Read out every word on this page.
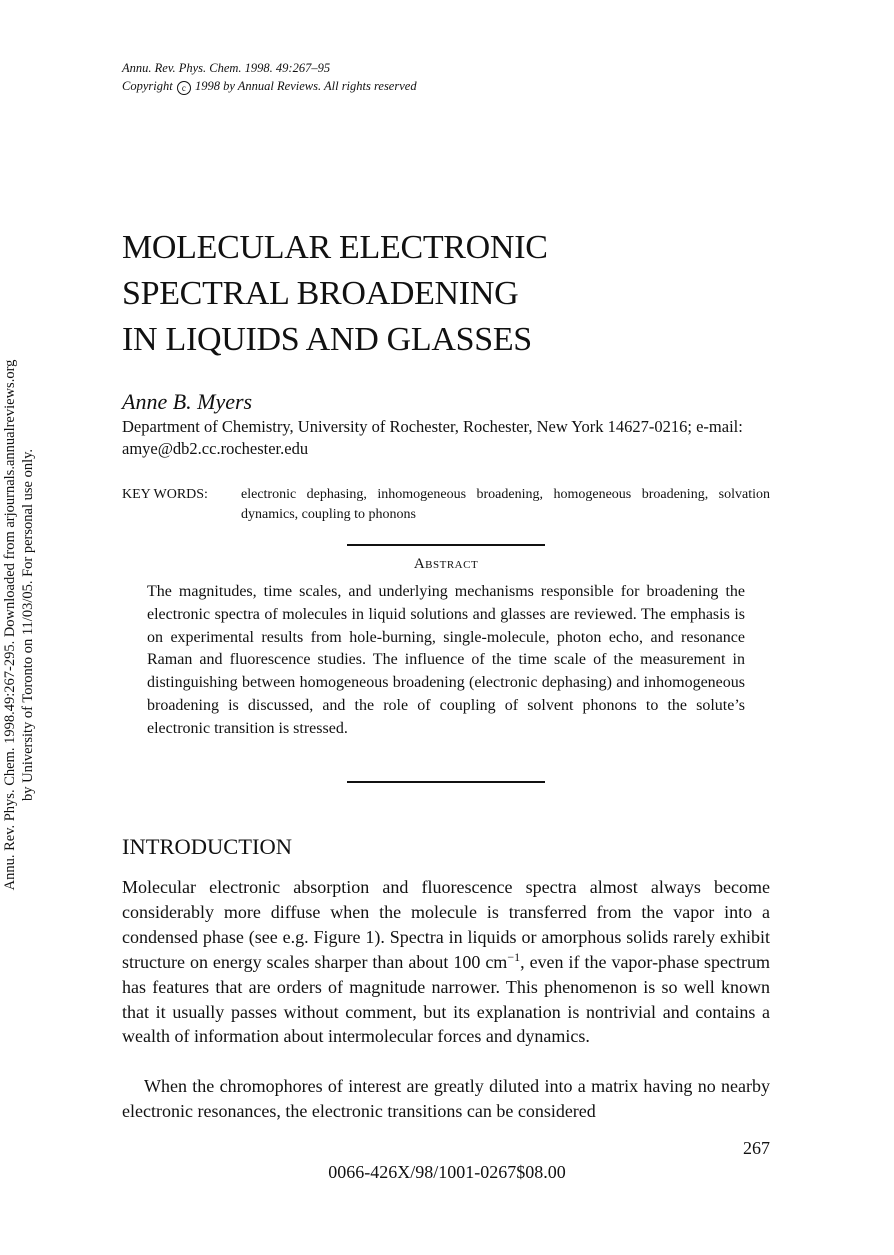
Annu. Rev. Phys. Chem. 1998. 49:267–95
Copyright c 1998 by Annual Reviews. All rights reserved
MOLECULAR ELECTRONIC
SPECTRAL BROADENING
IN LIQUIDS AND GLASSES
Anne B. Myers
Department of Chemistry, University of Rochester, Rochester, New York 14627-0216; e-mail: amye@db2.cc.rochester.edu
KEY WORDS: electronic dephasing, inhomogeneous broadening, homogeneous broadening, solvation dynamics, coupling to phonons
Abstract
The magnitudes, time scales, and underlying mechanisms responsible for broadening the electronic spectra of molecules in liquid solutions and glasses are reviewed. The emphasis is on experimental results from hole-burning, single-molecule, photon echo, and resonance Raman and fluorescence studies. The influence of the time scale of the measurement in distinguishing between homogeneous broadening (electronic dephasing) and inhomogeneous broadening is discussed, and the role of coupling of solvent phonons to the solute’s electronic transition is stressed.
INTRODUCTION
Molecular electronic absorption and fluorescence spectra almost always become considerably more diffuse when the molecule is transferred from the vapor into a condensed phase (see e.g. Figure 1). Spectra in liquids or amorphous solids rarely exhibit structure on energy scales sharper than about 100 $cm^{-1}$, even if the vapor-phase spectrum has features that are orders of magnitude narrower. This phenomenon is so well known that it usually passes without comment, but its explanation is nontrivial and contains a wealth of information about intermolecular forces and dynamics.
When the chromophores of interest are greatly diluted into a matrix having no nearby electronic resonances, the electronic transitions can be considered
267
0066-426X/98/1001-0267$08.00
Annu. Rev. Phys. Chem. 1998.49:267-295. Downloaded from arjournals.annualreviews.org by University of Toronto on 11/03/05. For personal use only.
